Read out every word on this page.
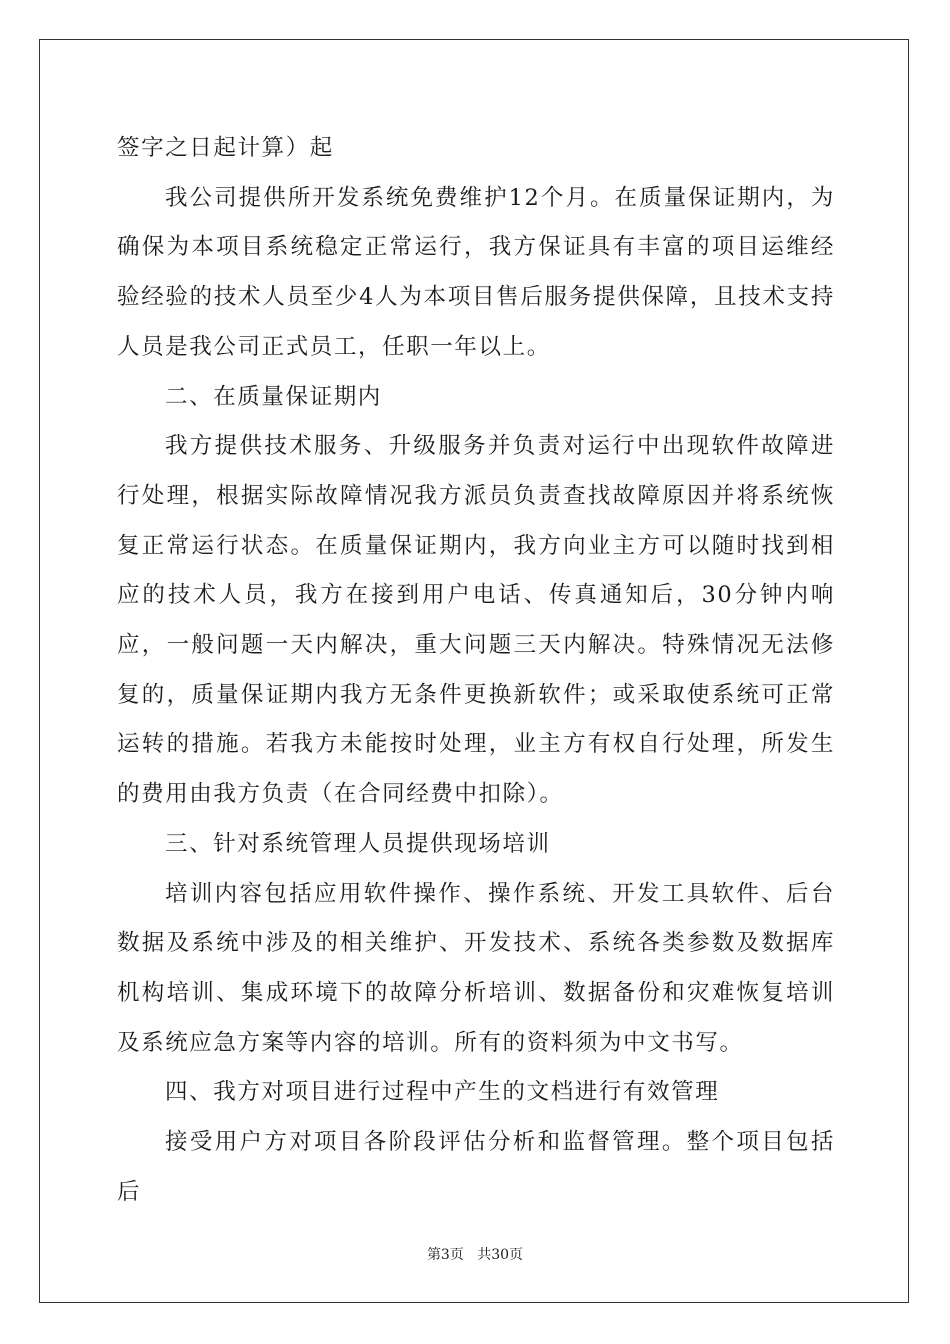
签字之日起计算）起

我公司提供所开发系统免费维护12个月。在质量保证期内，为确保为本项目系统稳定正常运行，我方保证具有丰富的项目运维经验经验的技术人员至少4人为本项目售后服务提供保障，且技术支持人员是我公司正式员工，任职一年以上。

二、在质量保证期内

我方提供技术服务、升级服务并负责对运行中出现软件故障进行处理，根据实际故障情况我方派员负责查找故障原因并将系统恢复正常运行状态。在质量保证期内，我方向业主方可以随时找到相应的技术人员，我方在接到用户电话、传真通知后，30分钟内响应，一般问题一天内解决，重大问题三天内解决。特殊情况无法修复的，质量保证期内我方无条件更换新软件；或采取使系统可正常运转的措施。若我方未能按时处理，业主方有权自行处理，所发生的费用由我方负责（在合同经费中扣除）。

三、针对系统管理人员提供现场培训

培训内容包括应用软件操作、操作系统、开发工具软件、后台数据及系统中涉及的相关维护、开发技术、系统各类参数及数据库机构培训、集成环境下的故障分析培训、数据备份和灾难恢复培训及系统应急方案等内容的培训。所有的资料须为中文书写。

四、我方对项目进行过程中产生的文档进行有效管理

接受用户方对项目各阶段评估分析和监督管理。整个项目包括后

第3页 共30页
